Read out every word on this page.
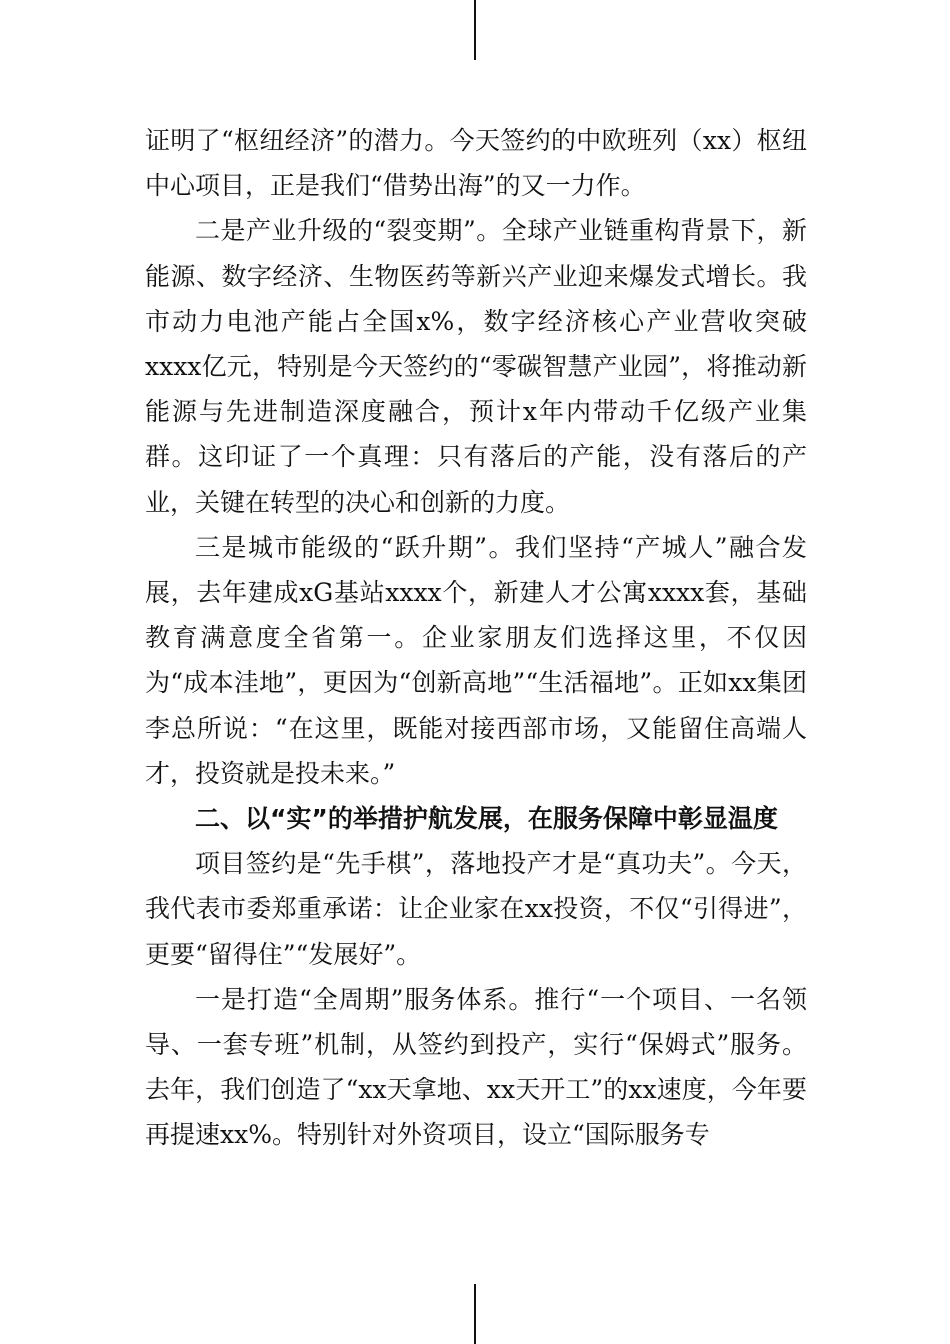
证明了“枢纽经济”的潜力。今天签约的中欧班列（xx）枢纽中心项目，正是我们“借势出海”的又一力作。

二是产业升级的“裂变期”。全球产业链重构背景下，新能源、数字经济、生物医药等新兴产业迎来爆发式增长。我市动力电池产能占全国x%，数字经济核心产业营收突破xxxx亿元，特别是今天签约的“零碳智慧产业园”，将推动新能源与先进制造深度融合，预计x年内带动千亿级产业集群。这印证了一个真理：只有落后的产能，没有落后的产业，关键在转型的决心和创新的力度。

三是城市能级的“跃升期”。我们坚持“产城人”融合发展，去年建成xG基站xxxx个，新建人才公寓xxxx套，基础教育满意度全省第一。企业家朋友们选择这里，不仅因为“成本洼地”，更因为“创新高地”“生活福地”。正如xx集团李总所说：“在这里，既能对接西部市场，又能留住高端人才，投资就是投未来。”

二、以“实”的举措护航发展，在服务保障中彰显温度

项目签约是“先手棋”，落地投产才是“真功夫”。今天，我代表市委郑重承诺：让企业家在xx投资，不仅“引得进”，更要“留得住”“发展好”。

一是打造“全周期”服务体系。推行“一个项目、一名领导、一套专班”机制，从签约到投产，实行“保姆式”服务。去年，我们创造了“xx天拿地、xx天开工”的xx速度，今年要再提速xx%。特别针对外资项目，设立“国际服务专
